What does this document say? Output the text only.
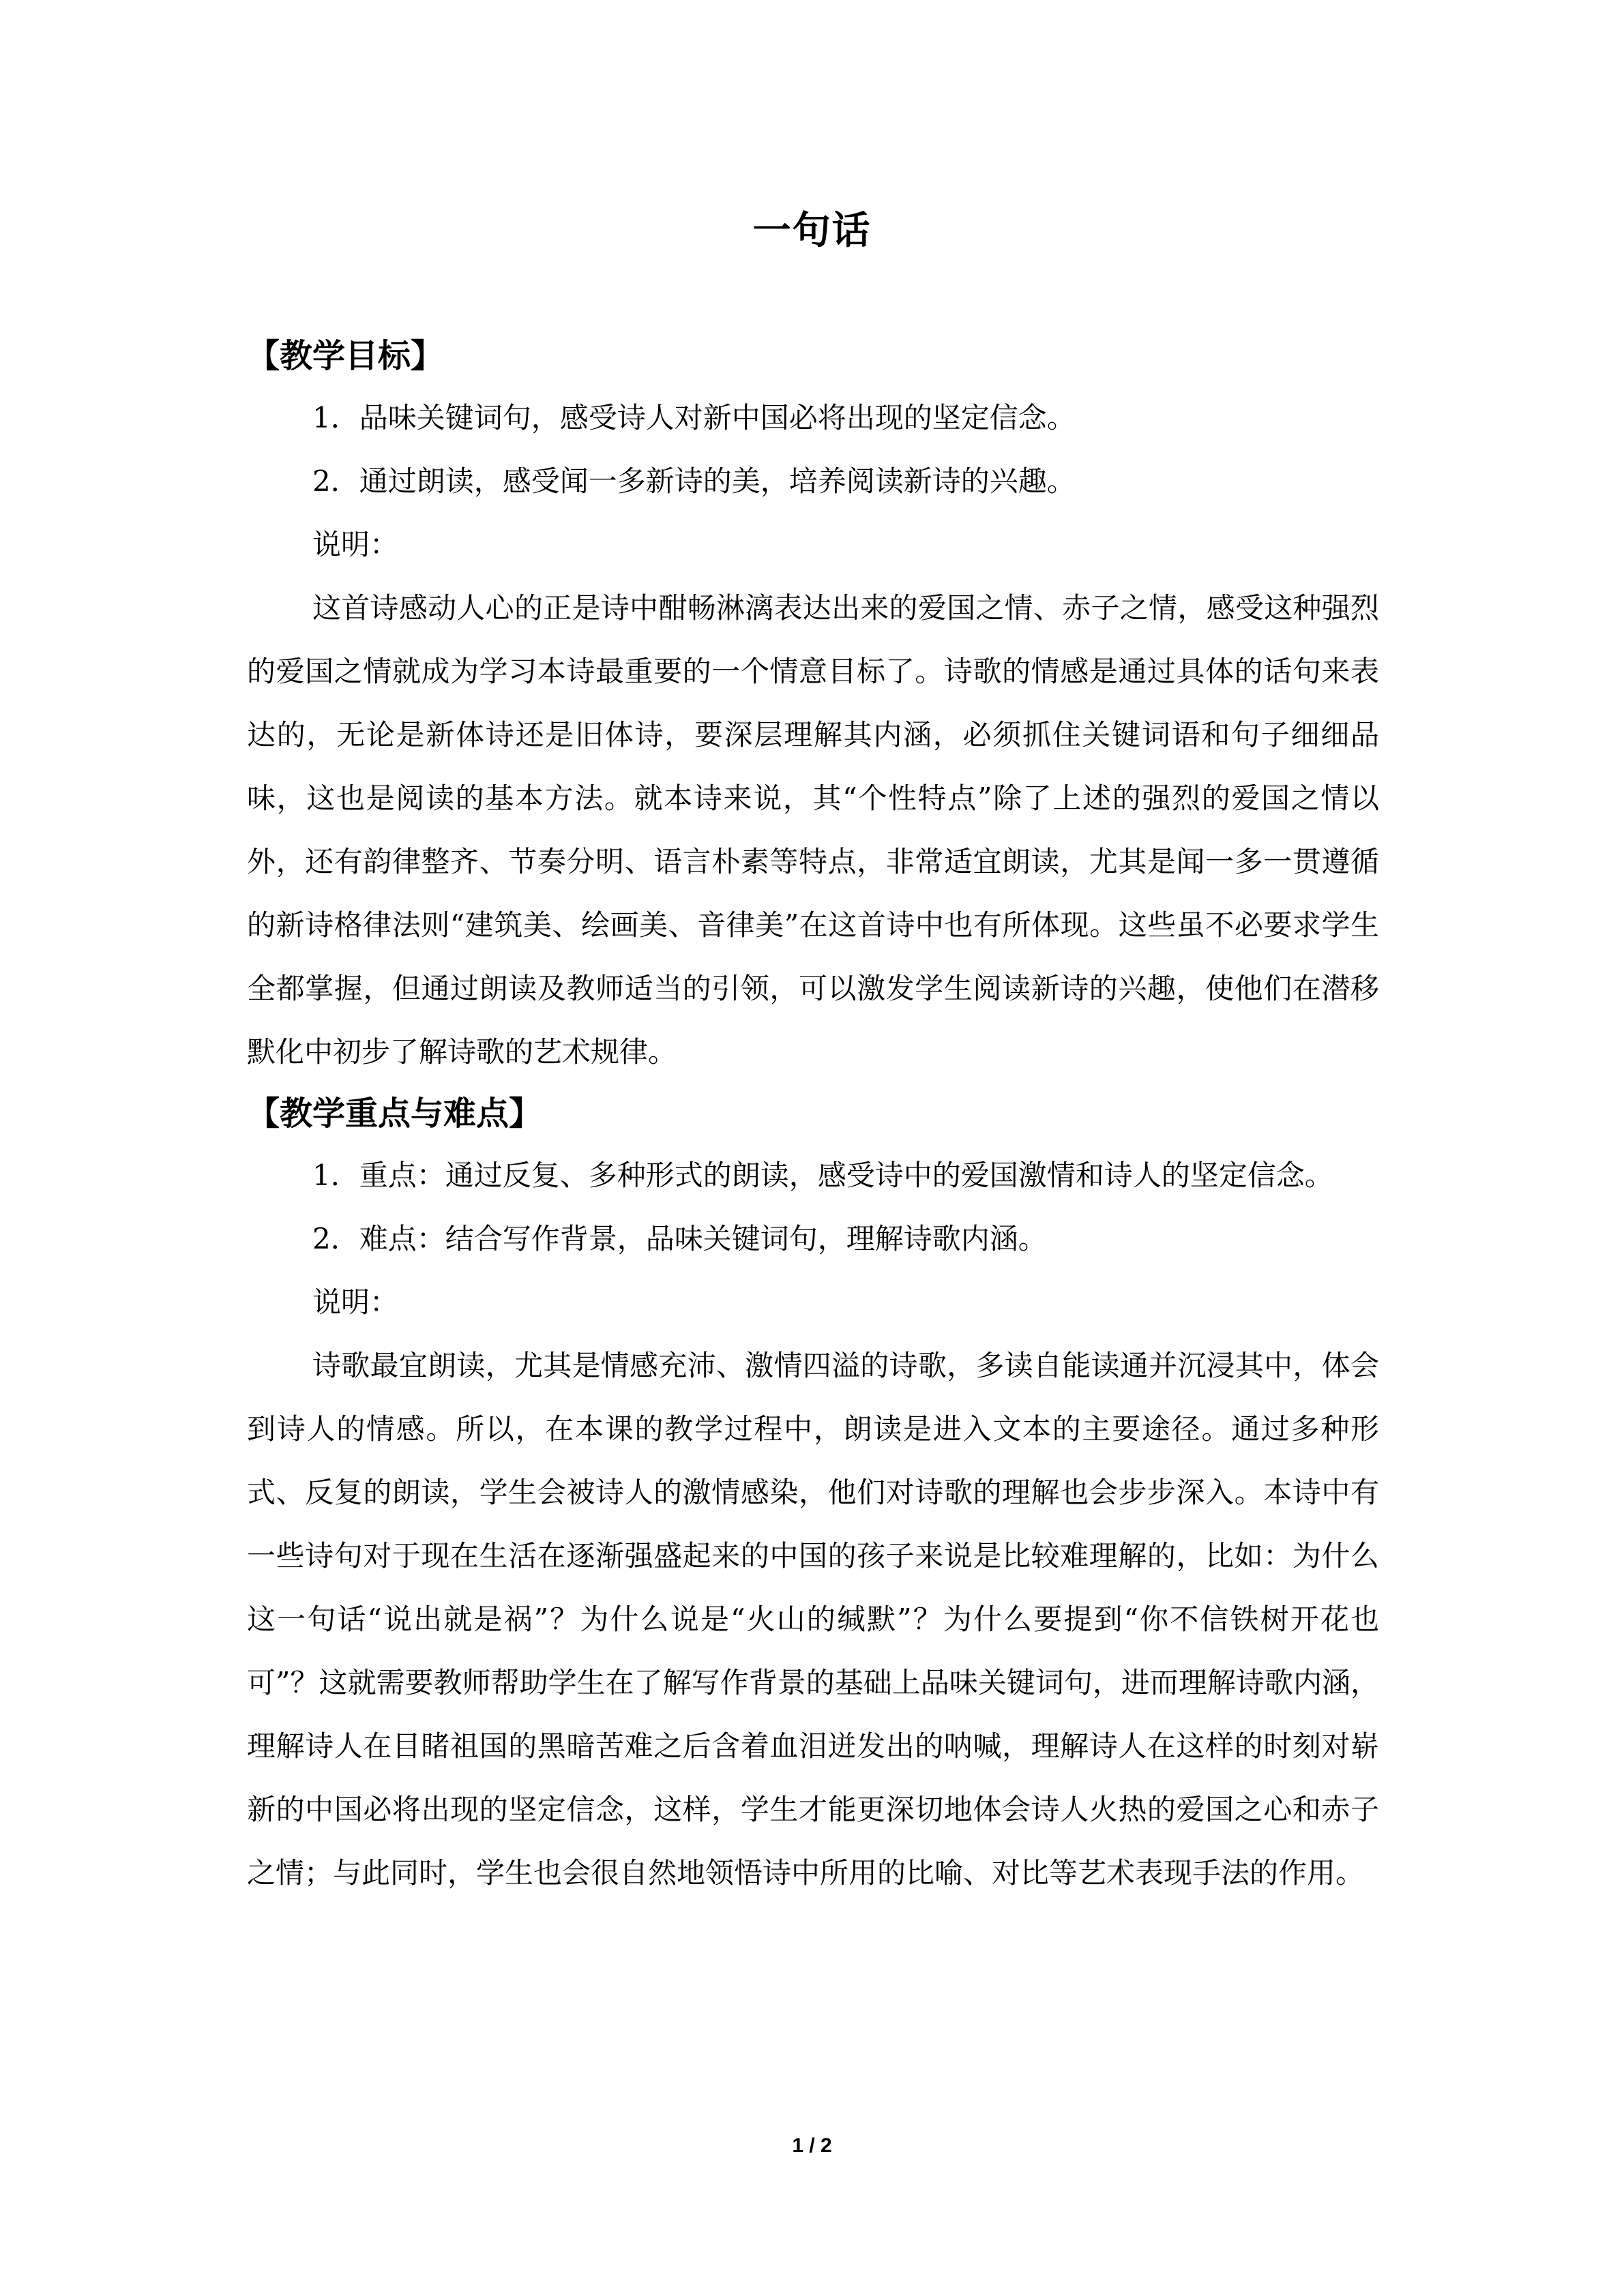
一句话
【教学目标】

1．品味关键词句，感受诗人对新中国必将出现的坚定信念。

2．通过朗读，感受闻一多新诗的美，培养阅读新诗的兴趣。

说明：

这首诗感动人心的正是诗中酣畅淋漓表达出来的爱国之情、赤子之情，感受这种强烈的爱国之情就成为学习本诗最重要的一个情意目标了。诗歌的情感是通过具体的话句来表达的，无论是新体诗还是旧体诗，要深层理解其内涵，必须抓住关键词语和句子细细品味，这也是阅读的基本方法。就本诗来说，其“个性特点”除了上述的强烈的爱国之情以外，还有韵律整齐、节奏分明、语言朴素等特点，非常适宜朗读，尤其是闻一多一贯遵循的新诗格律法则“建筑美、绘画美、音律美”在这首诗中也有所体现。这些虽不必要求学生全都掌握，但通过朗读及教师适当的引领，可以激发学生阅读新诗的兴趣，使他们在潜移默化中初步了解诗歌的艺术规律。

【教学重点与难点】

1．重点：通过反复、多种形式的朗读，感受诗中的爱国激情和诗人的坚定信念。

2．难点：结合写作背景，品味关键词句，理解诗歌内涵。

说明：

诗歌最宜朗读，尤其是情感充沛、激情四溢的诗歌，多读自能读通并沉浸其中，体会到诗人的情感。所以，在本课的教学过程中，朗读是进入文本的主要途径。通过多种形式、反复的朗读，学生会被诗人的激情感染，他们对诗歌的理解也会步步深入。本诗中有一些诗句对于现在生活在逐渐强盛起来的中国的孩子来说是比较难理解的，比如：为什么这一句话“说出就是祸”？为什么说是“火山的缄默”？为什么要提到“你不信铁树开花也可”？这就需要教师帮助学生在了解写作背景的基础上品味关键词句，进而理解诗歌内涵，理解诗人在目睹祖国的黑暗苦难之后含着血泪迸发出的呐喊，理解诗人在这样的时刻对崭新的中国必将出现的坚定信念，这样，学生才能更深切地体会诗人火热的爱国之心和赤子之情；与此同时，学生也会很自然地领悟诗中所用的比喻、对比等艺术表现手法的作用。

1 / 2
